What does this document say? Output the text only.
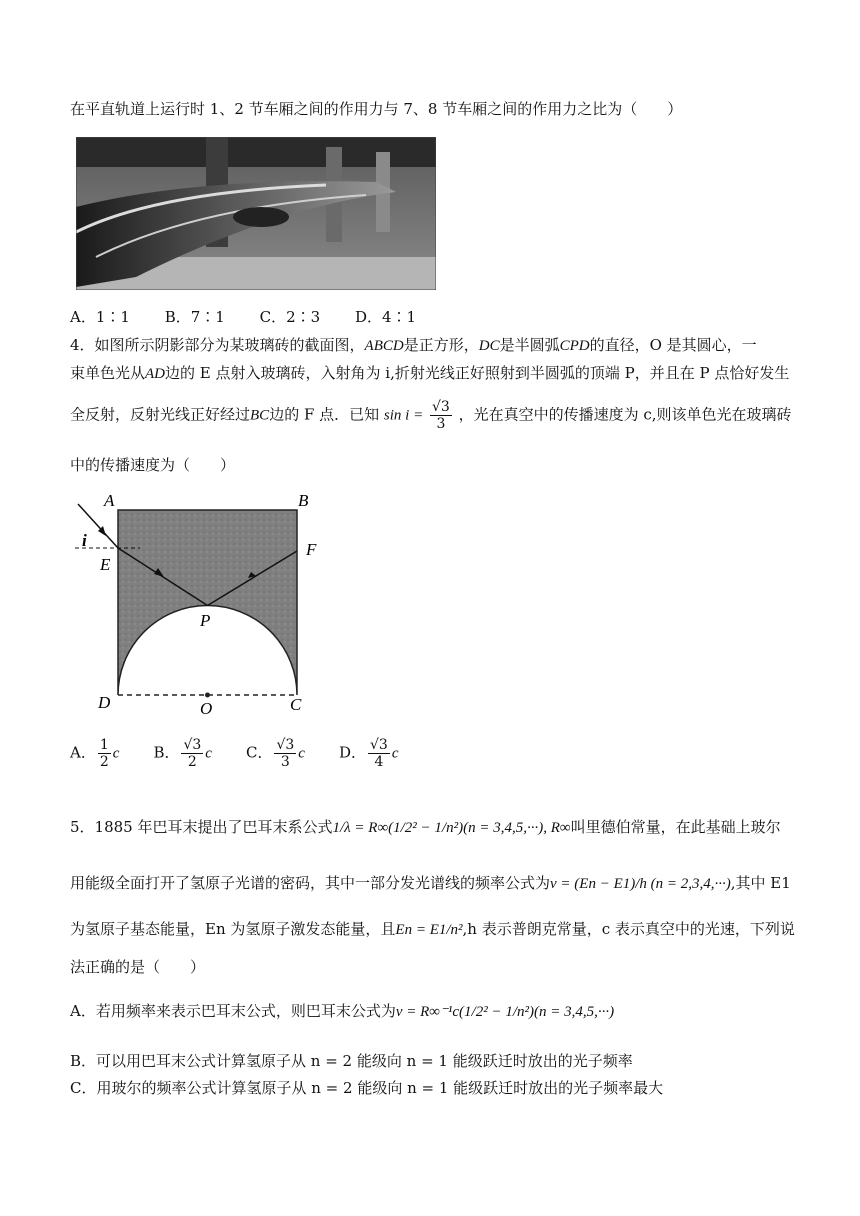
在平直轨道上运行时 1、2 节车厢之间的作用力与 7、8 节车厢之间的作用力之比为（　　）
A．1∶1 B．7∶1 C．2∶3 D．4∶1
4．如图所示阴影部分为某玻璃砖的截面图，ABCD是正方形，DC是半圆弧CPD的直径，O 是其圆心，一
束单色光从AD边的 E 点射入玻璃砖，入射角为 i,折射光线正好照射到半圆弧的顶端 P，并且在 P 点恰好发生
全反射，反射光线正好经过BC边的 F 点．已知 $\sin i = \frac{√3}{3}$ ，光在真空中的传播速度为 c,则该单色光在玻璃砖
中的传播速度为（　　）
A	B
D	C
E
F
P
O
i
A． $\frac{1}{2}$ c B． $\frac{√3}{2}$ c C． $\frac{√3}{3}$ c D． $\frac{√3}{4}$ c
5．1885 年巴耳末提出了巴耳末系公式1/λ = R∞(1/2² − 1/n²)(n = 3,4,5,···), R∞叫里德伯常量，在此基础上玻尔
用能级全面打开了氢原子光谱的密码，其中一部分发光谱线的频率公式为ν = (En − E1)/h (n = 2,3,4,···),其中 E1
为氢原子基态能量，En 为氢原子激发态能量，且En = E1/n²,h 表示普朗克常量，c 表示真空中的光速，下列说
法正确的是（　　）
A．若用频率来表示巴耳末公式，则巴耳末公式为ν = R∞⁻¹c(1/2² − 1/n²)(n = 3,4,5,···)
B．可以用巴耳末公式计算氢原子从 n = 2 能级向 n = 1 能级跃迁时放出的光子频率
C．用玻尔的频率公式计算氢原子从 n = 2 能级向 n = 1 能级跃迁时放出的光子频率最大
